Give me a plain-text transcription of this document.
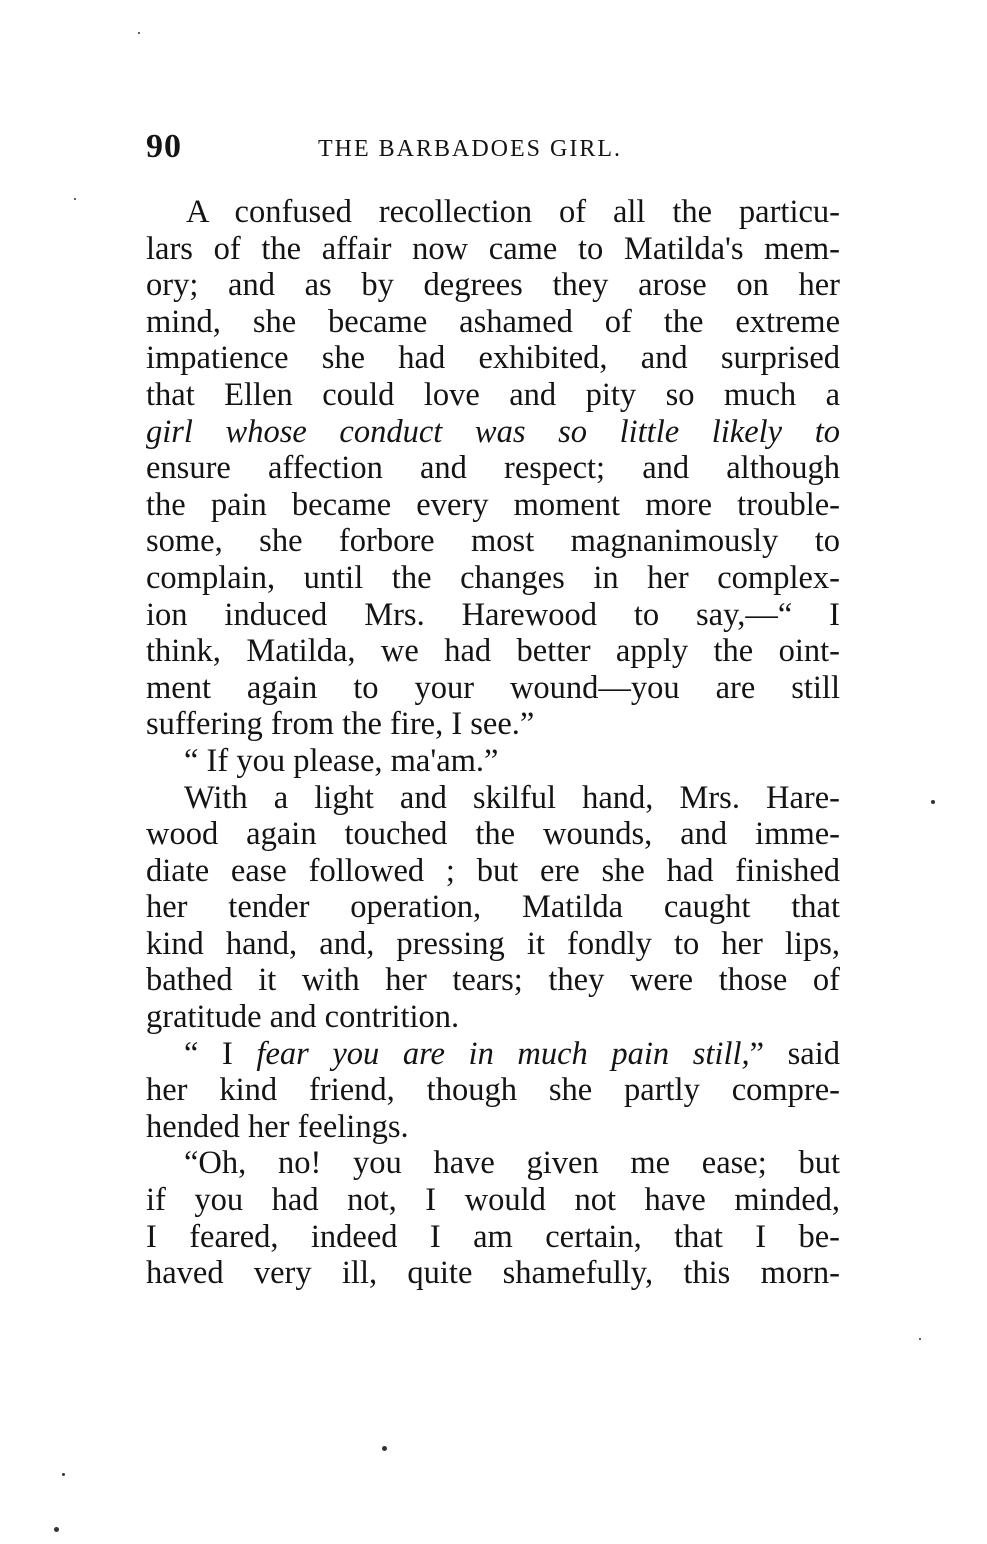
90	THE BARBADOES GIRL.
A confused recollection of all the particu-
lars of the affair now came to Matilda's mem-
ory; and as by degrees they arose on her
mind, she became ashamed of the extreme
impatience she had exhibited, and surprised
that Ellen could love and pity so much a
girl whose conduct was so little likely to
ensure affection and respect; and although
the pain became every moment more trouble-
some, she forbore most magnanimously to
complain, until the changes in her complex-
ion induced Mrs. Harewood to say,—“ I
think, Matilda, we had better apply the oint-
ment again to your wound—you are still
suffering from the fire, I see.”
“ If you please, ma'am.”
With a light and skilful hand, Mrs. Hare-
wood again touched the wounds, and imme-
diate ease followed ; but ere she had finished
her tender operation, Matilda caught that
kind hand, and, pressing it fondly to her lips,
bathed it with her tears; they were those of
gratitude and contrition.
“ I fear you are in much pain still,” said
her kind friend, though she partly compre-
hended her feelings.
“Oh, no! you have given me ease; but
if you had not, I would not have minded,
I feared, indeed I am certain, that I be-
haved very ill, quite shamefully, this morn-
